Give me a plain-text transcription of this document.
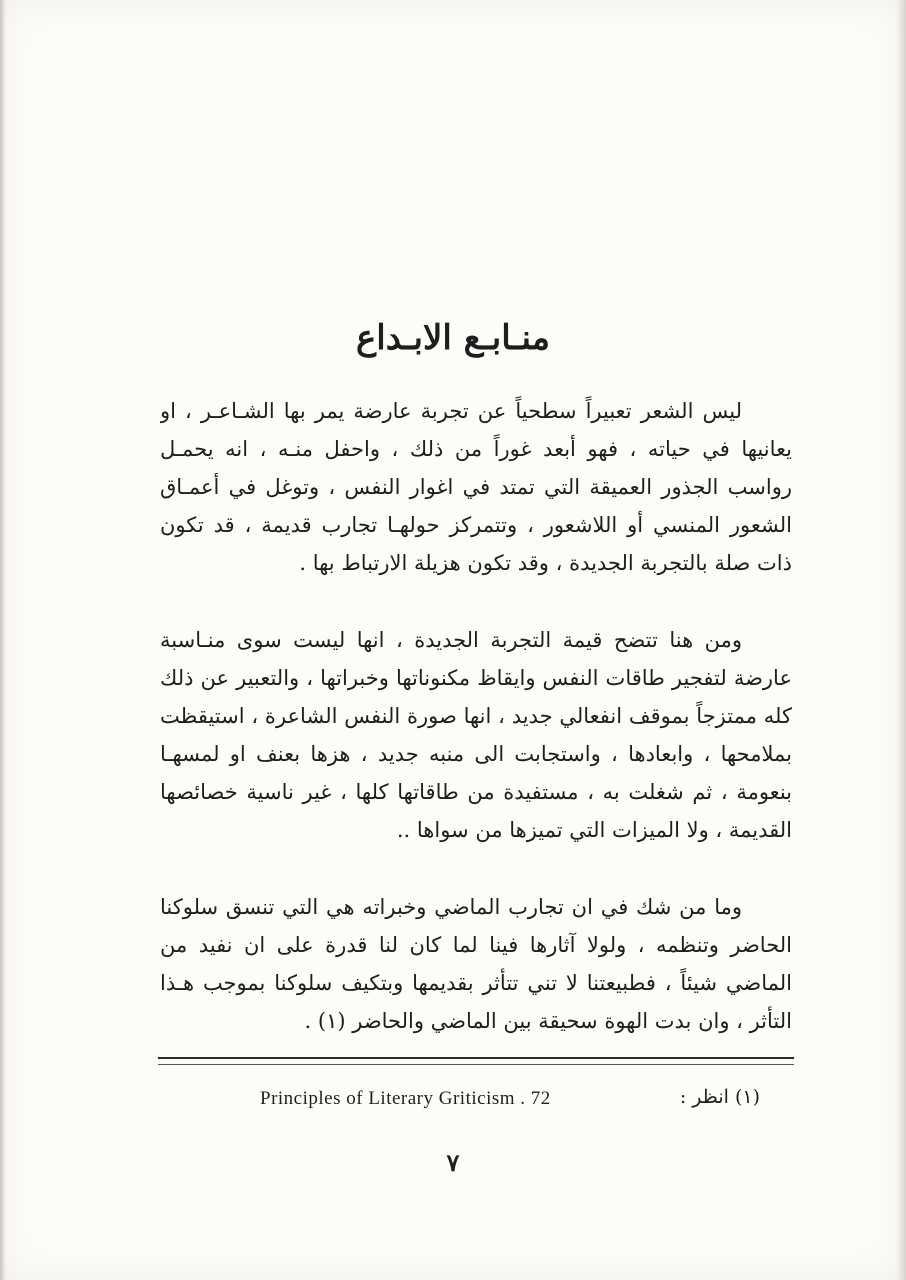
منـابـع الابـداع
ليس الشعر تعبيراً سطحياً عن تجربة عارضة يمر بها الشـاعـر ، او
يعانيها في حياته ، فهو أبعد غوراً من ذلك ، واحفل منـه ، انه يحمـل
رواسب الجذور العميقة التي تمتد في اغوار النفس ، وتوغل في أعمـاق
الشعور المنسي أو اللاشعور ، وتتمركز حولهـا تجارب قديمة ، قد تكون
ذات صلة بالتجربة الجديدة ، وقد تكون هزيلة الارتباط بها .
ومن هنا تتضح قيمة التجربة الجديدة ، انها ليست سوى منـاسبة
عارضة لتفجير طاقات النفس وايقاظ مكنوناتها وخبراتها ، والتعبير عن ذلك
كله ممتزجاً بموقف انفعالي جديد ، انها صورة النفس الشاعرة ، استيقظت
بملامحها ، وابعادها ، واستجابت الى منبه جديد ، هزها بعنف او لمسهـا
بنعومة ، ثم شغلت به ، مستفيدة من طاقاتها كلها ، غير ناسية خصائصها
القديمة ، ولا الميزات التي تميزها من سواها ..
وما من شك في ان تجارب الماضي وخبراته هي التي تنسق سلوكنا
الحاضر وتنظمه ، ولولا آثارها فينا لما كان لنا قدرة على ان نفيد من
الماضي شيئاً ، فطبيعتنا لا تني تتأثر بقديمها وبتكيف سلوكنا بموجب هـذا
التأثر ، وان بدت الهوة سحيقة بين الماضي والحاضر (١) .
(١) انظر :
Principles of Literary Griticism . 72
٧
